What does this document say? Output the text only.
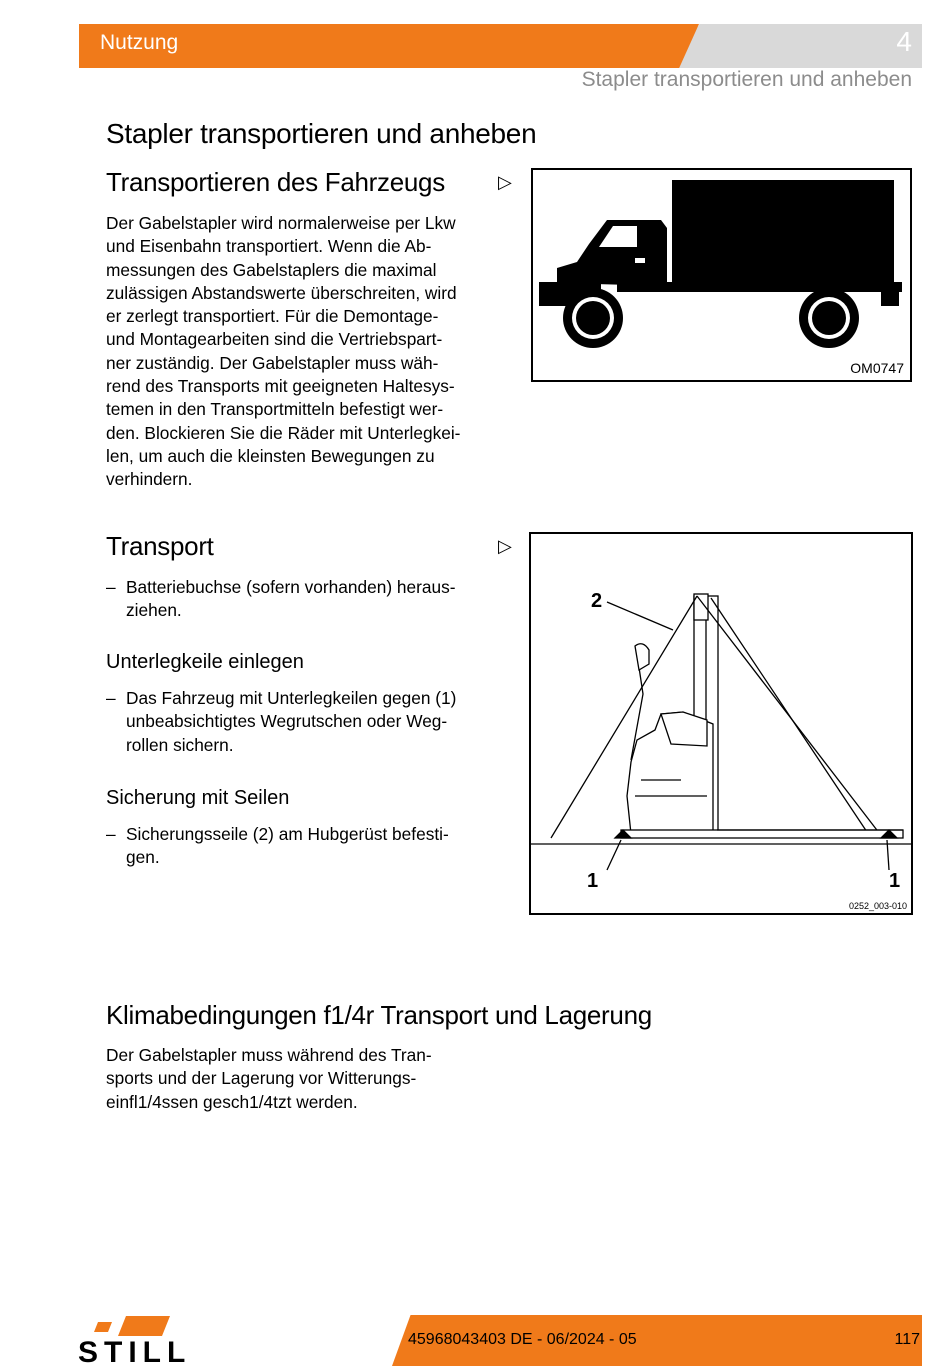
Nutzung	4
Stapler transportieren und anheben
Stapler transportieren und anheben
Transportieren des Fahrzeugs	▷

Der Gabelstapler wird normalerweise per Lkw

und Eisenbahn transportiert. Wenn die Ab-

messungen des Gabelstaplers die maximal

zulässigen Abstandswerte überschreiten, wird

er zerlegt transportiert. Für die Demontage-

und Montagearbeiten sind die Vertriebspart-

ner zuständig. Der Gabelstapler muss wäh-

rend des Transports mit geeigneten Haltesys-

temen in den Transportmitteln befestigt wer-

den. Blockieren Sie die Räder mit Unterlegkei-

len, um auch die kleinsten Bewegungen zu

verhindern.

OM0747
Transport	▷
– Batteriebuchse (sofern vorhanden) heraus-

ziehen.

Unterlegkeile einlegen
– Das Fahrzeug mit Unterlegkeilen gegen (1)

unbeabsichtigtes Wegrutschen oder Weg-

rollen sichern.

Sicherung mit Seilen
– Sicherungsseile (2) am Hubgerüst befesti-

gen.

2
1	1
0252_003-010
Klimabedingungen f1/4r Transport und Lagerung

Der Gabelstapler muss während des Tran-

sports und der Lagerung vor Witterungs-

einfl1/4ssen gesch1/4tzt werden.

STILL	45968043403 DE - 06/2024 - 05	117
